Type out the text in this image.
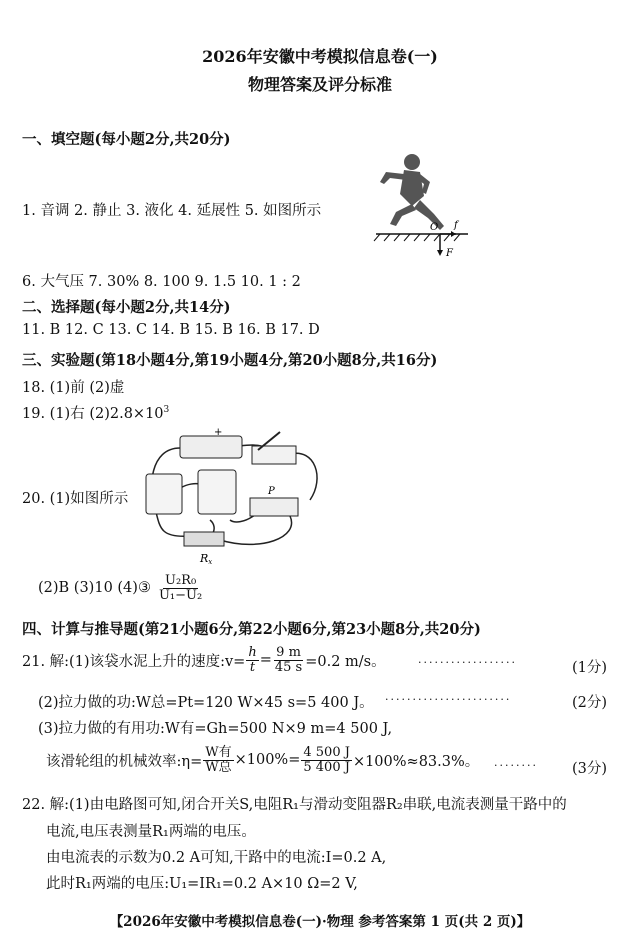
2026年安徽中考模拟信息卷(一)
物理答案及评分标准
一、填空题(每小题2分,共20分)
1. 音调 2. 静止 3. 液化 4. 延展性 5. 如图所示
O f
F
6. 大气压 7. 30% 8. 100 9. 1.5 10. 1 : 2
二、选择题(每小题2分,共14分)
11. B 12. C 13. C 14. B 15. B 16. B 17. D
三、实验题(第18小题4分,第19小题4分,第20小题8分,共16分)
18. (1)前 (2)虚
19. (1)右 $(2)2.8\times 10^3$
+
P
Rx
20. (1)如图所示
(2)B (3)10 (4)③ $\frac{\text{U₂R₀}}{\text{U₁−U₂}}$
四、计算与推导题(第21小题6分,第22小题6分,第23小题8分,共20分)
21. 解:(1)该袋水泥上升的速度:v= $\frac{h}{t} = \frac{9 m}{45 s} =0.2$ m/s。	··················	(1分)
(2)拉力做的功:W总=Pt=120 W×45 s=5 400 J。 ·······················	(2分)
(3)拉力做的有用功:W有=Gh=500 N×9 m=4 500 J,
该滑轮组的机械效率:η= $\frac{\text{W有}}{\text{W总}} \times 100\%= \frac{4 500 J}{5 400 J} \times 100\%\approx 83.3\%$。 ········ (3分)
22. 解:(1)由电路图可知,闭合开关S,电阻R₁与滑动变阻器R₂串联,电流表测量干路中的
电流,电压表测量R₁两端的电压。
由电流表的示数为0.2 A可知,干路中的电流:I=0.2 A,
此时R₁两端的电压:U₁=IR₁=0.2 A×10 Ω=2 V,
【2026年安徽中考模拟信息卷(一)·物理 参考答案第 1 页(共 2 页)】
